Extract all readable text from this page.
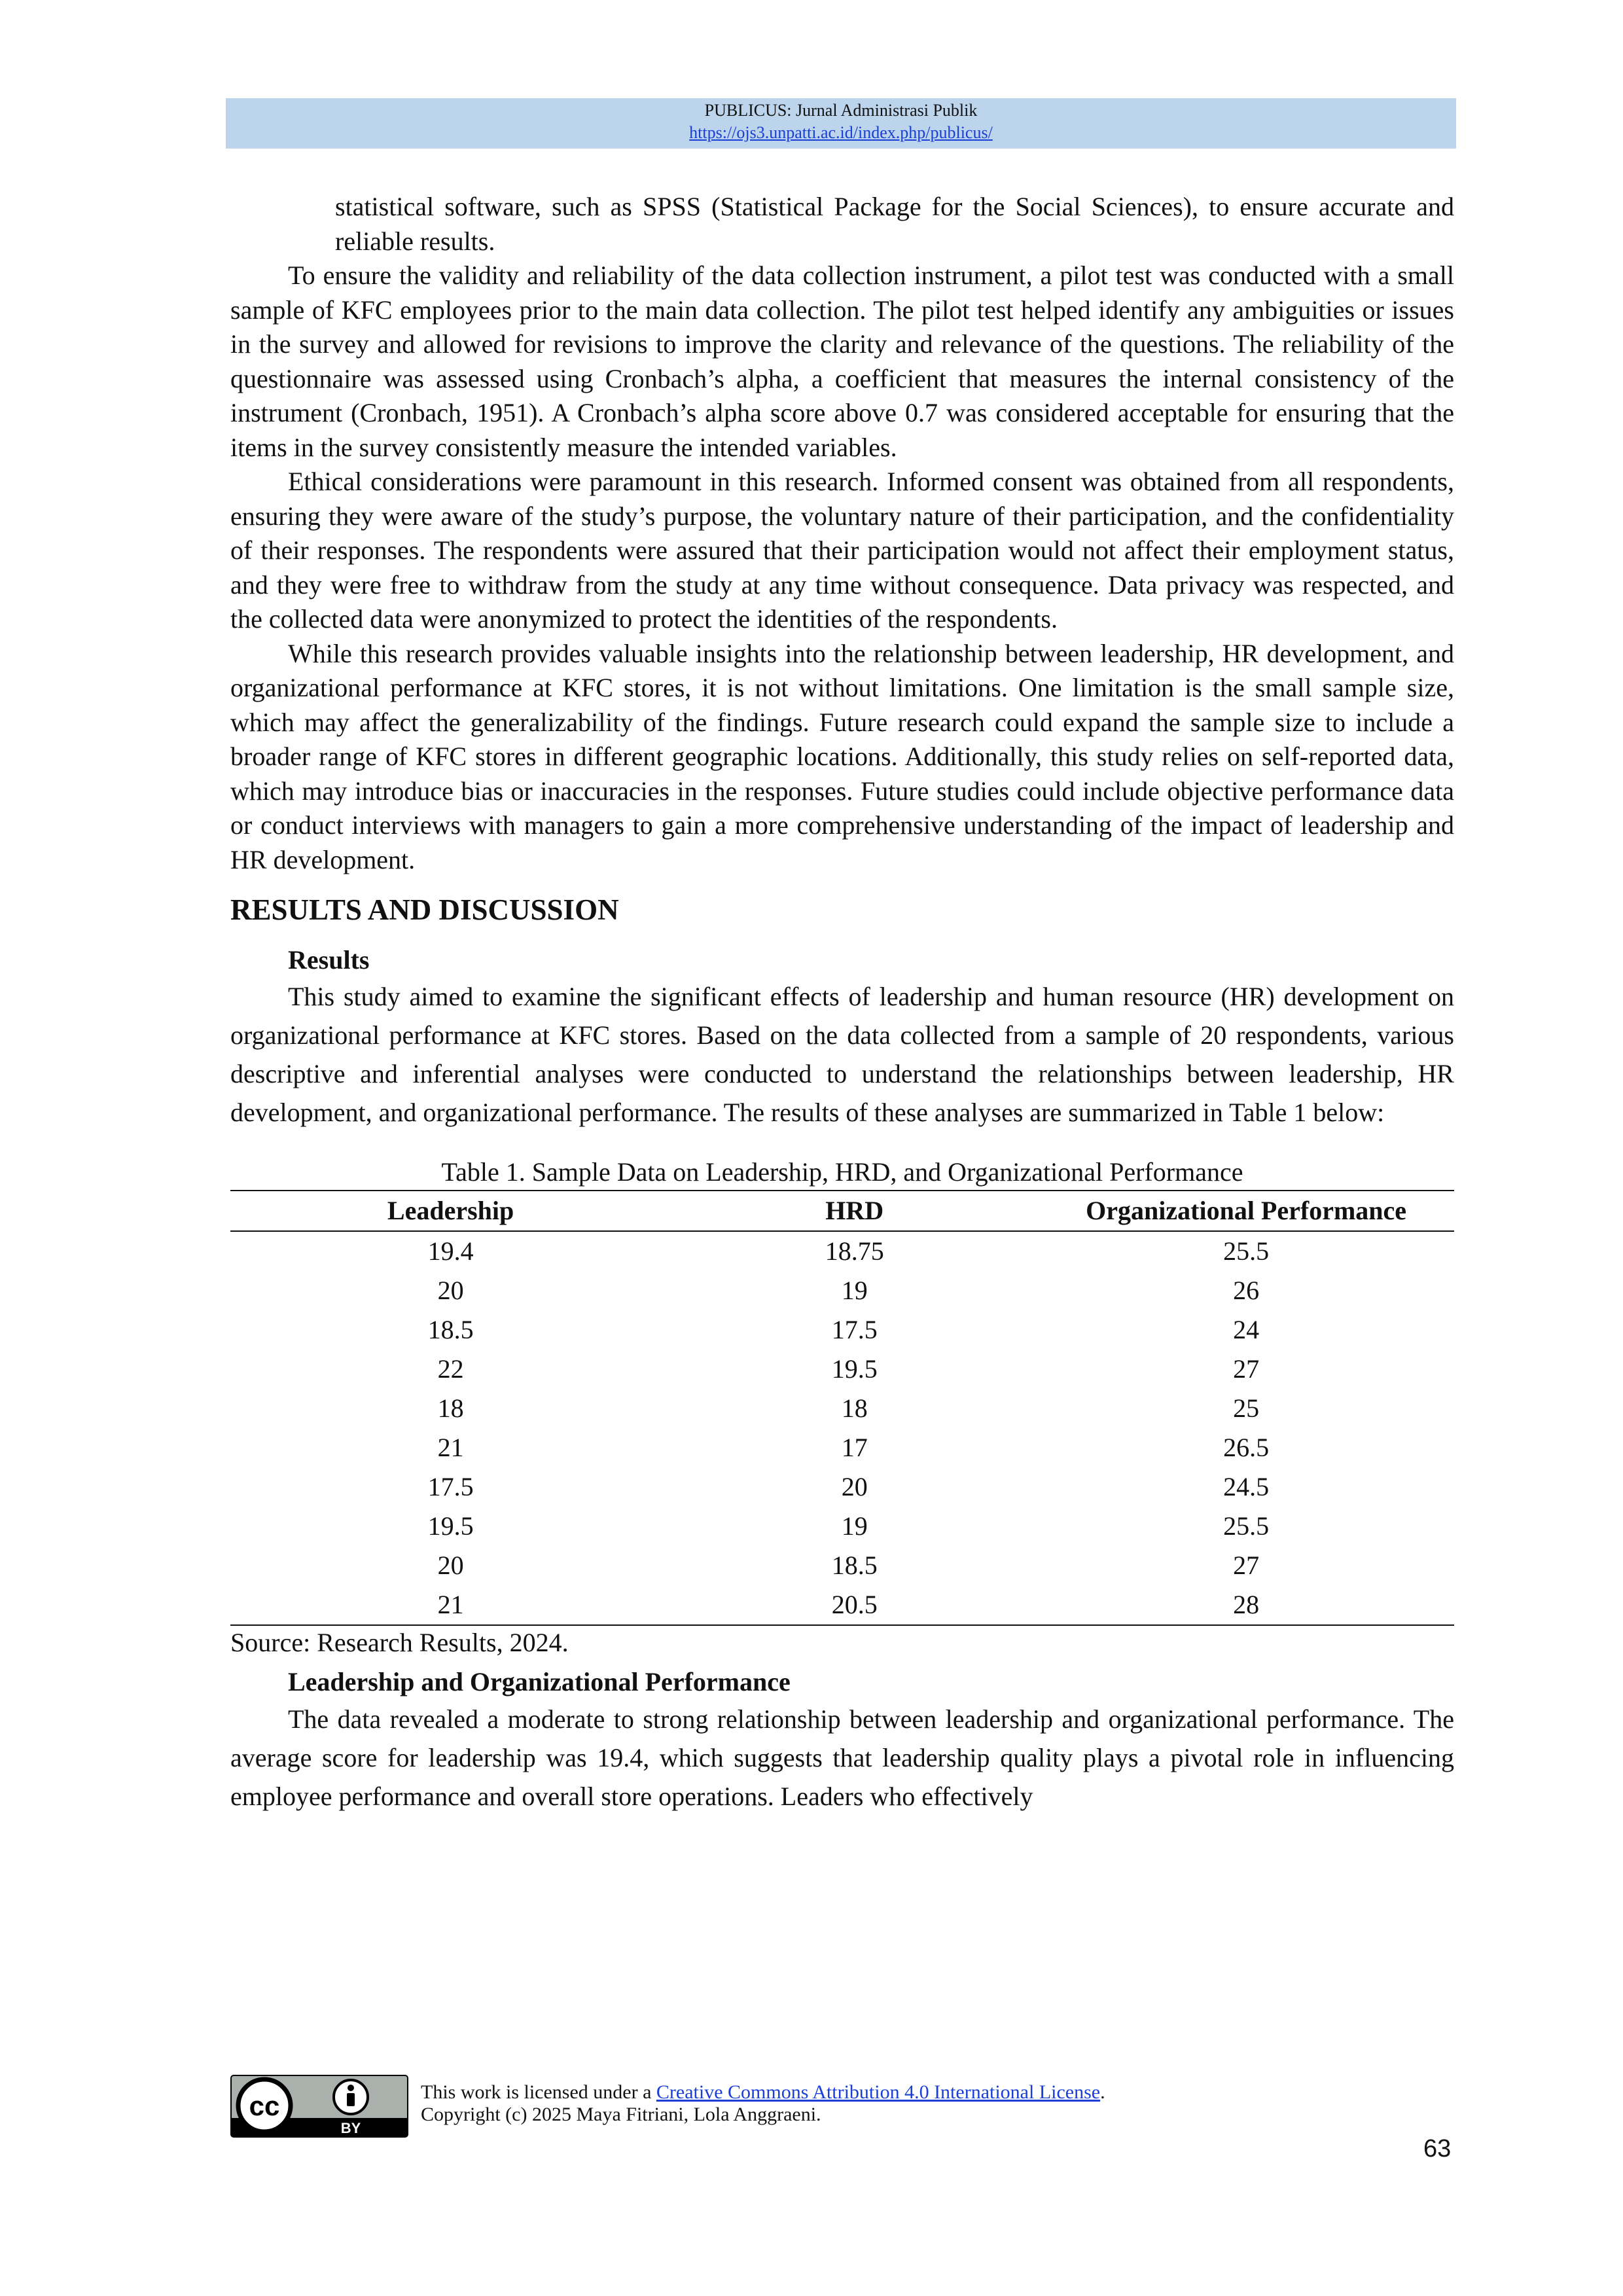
PUBLICUS: Jurnal Administrasi Publik
https://ojs3.unpatti.ac.id/index.php/publicus/

statistical software, such as SPSS (Statistical Package for the Social Sciences), to ensure accurate and reliable results.

To ensure the validity and reliability of the data collection instrument, a pilot test was conducted with a small sample of KFC employees prior to the main data collection. The pilot test helped identify any ambiguities or issues in the survey and allowed for revisions to improve the clarity and relevance of the questions. The reliability of the questionnaire was assessed using Cronbach’s alpha, a coefficient that measures the internal consistency of the instrument (Cronbach, 1951). A Cronbach’s alpha score above 0.7 was considered acceptable for ensuring that the items in the survey consistently measure the intended variables.

Ethical considerations were paramount in this research. Informed consent was obtained from all respondents, ensuring they were aware of the study’s purpose, the voluntary nature of their participation, and the confidentiality of their responses. The respondents were assured that their participation would not affect their employment status, and they were free to withdraw from the study at any time without consequence. Data privacy was respected, and the collected data were anonymized to protect the identities of the respondents.

While this research provides valuable insights into the relationship between leadership, HR development, and organizational performance at KFC stores, it is not without limitations. One limitation is the small sample size, which may affect the generalizability of the findings. Future research could expand the sample size to include a broader range of KFC stores in different geographic locations. Additionally, this study relies on self-reported data, which may introduce bias or inaccuracies in the responses. Future studies could include objective performance data or conduct interviews with managers to gain a more comprehensive understanding of the impact of leadership and HR development.

RESULTS AND DISCUSSION

Results

This study aimed to examine the significant effects of leadership and human resource (HR) development on organizational performance at KFC stores. Based on the data collected from a sample of 20 respondents, various descriptive and inferential analyses were conducted to understand the relationships between leadership, HR development, and organizational performance. The results of these analyses are summarized in Table 1 below:

Table 1. Sample Data on Leadership, HRD, and Organizational Performance

Leadership	HRD	Organizational Performance
19.4	18.75	25.5
20	19	26
18.5	17.5	24
22	19.5	27
18	18	25
21	17	26.5
17.5	20	24.5
19.5	19	25.5
20	18.5	27
21	20.5	28

Source: Research Results, 2024.

Leadership and Organizational Performance

The data revealed a moderate to strong relationship between leadership and organizational performance. The average score for leadership was 19.4, which suggests that leadership quality plays a pivotal role in influencing employee performance and overall store operations. Leaders who effectively

cc
BY
This work is licensed under a Creative Commons Attribution 4.0 International License.
Copyright (c) 2025 Maya Fitriani, Lola Anggraeni.
63
